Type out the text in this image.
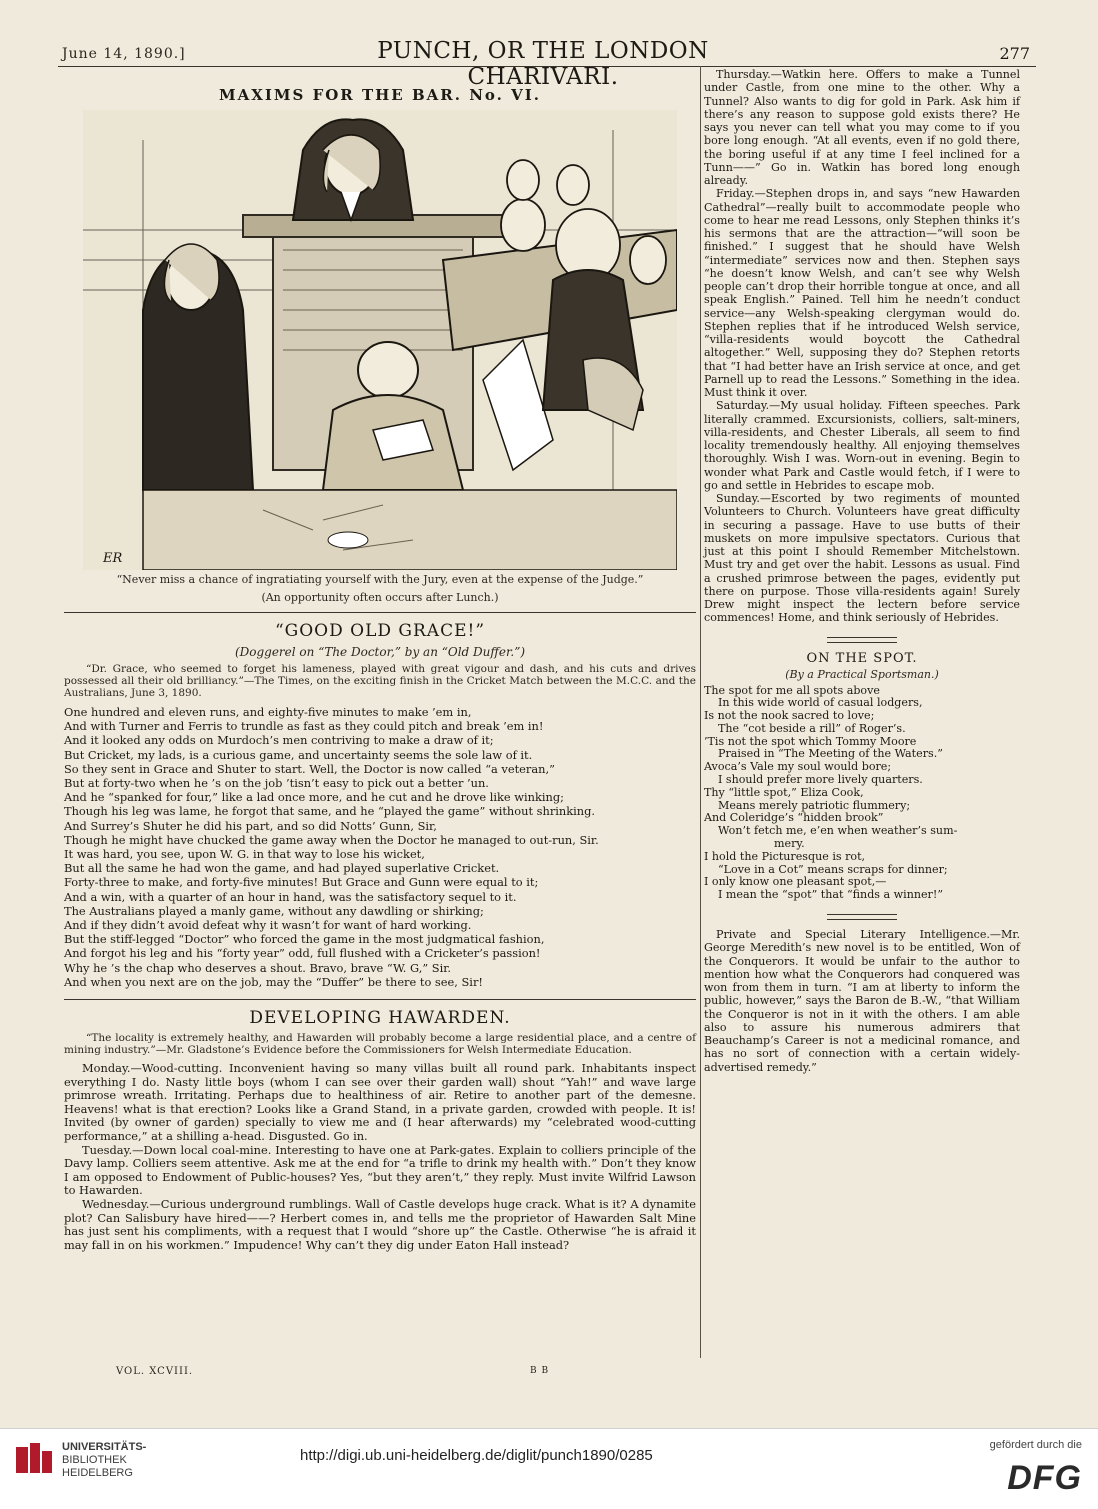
June 14, 1890.]	PUNCH, OR THE LONDON CHARIVARI.
277
MAXIMS FOR THE BAR. No. VI.
ER
“Never miss a chance of ingratiating yourself with the Jury, even at the expense of the Judge.”
(An opportunity often occurs after Lunch.)
“GOOD OLD GRACE!”
(Doggerel on “The Doctor,” by an “Old Duffer.”)

“Dr. Grace, who seemed to forget his lameness, played with great vigour and dash, and his cuts and drives possessed all their old brilliancy.”—The Times, on the exciting finish in the Cricket Match between the M.C.C. and the Australians, June 3, 1890.

One hundred and eleven runs, and eighty-five minutes to make ’em in,

And with Turner and Ferris to trundle as fast as they could pitch and break ’em in!

And it looked any odds on Murdoch’s men contriving to make a draw of it;

But Cricket, my lads, is a curious game, and uncertainty seems the sole law of it.

So they sent in Grace and Shuter to start. Well, the Doctor is now called “a veteran,”

But at forty-two when he ’s on the job ’tisn’t easy to pick out a better ’un.

And he “spanked for four,” like a lad once more, and he cut and he drove like winking;

Though his leg was lame, he forgot that same, and he “played the game” without shrinking.

And Surrey’s Shuter he did his part, and so did Notts’ Gunn, Sir,

Though he might have chucked the game away when the Doctor he managed to out-run, Sir.

It was hard, you see, upon W. G. in that way to lose his wicket,

But all the same he had won the game, and had played superlative Cricket.

Forty-three to make, and forty-five minutes! But Grace and Gunn were equal to it;

And a win, with a quarter of an hour in hand, was the satisfactory sequel to it.

The Australians played a manly game, without any dawdling or shirking;

And if they didn’t avoid defeat why it wasn’t for want of hard working.

But the stiff-legged “Doctor” who forced the game in the most judgmatical fashion,

And forgot his leg and his “forty year” odd, full flushed with a Cricketer’s passion!

Why he ’s the chap who deserves a shout. Bravo, brave “W. G,” Sir.

And when you next are on the job, may the “Duffer” be there to see, Sir!

DEVELOPING HAWARDEN.

“The locality is extremely healthy, and Hawarden will probably become a large residential place, and a centre of mining industry.”—Mr. Gladstone’s Evidence before the Commissioners for Welsh Intermediate Education.

Monday.—Wood-cutting. Inconvenient having so many villas built all round park. Inhabitants inspect everything I do. Nasty little boys (whom I can see over their garden wall) shout “Yah!” and wave large primrose wreath. Irritating. Perhaps due to healthiness of air. Retire to another part of the demesne. Heavens! what is that erection? Looks like a Grand Stand, in a private garden, crowded with people. It is! Invited (by owner of garden) specially to view me and (I hear afterwards) my “celebrated wood-cutting performance,” at a shilling a-head. Disgusted. Go in.

Tuesday.—Down local coal-mine. Interesting to have one at Park-gates. Explain to colliers principle of the Davy lamp. Colliers seem attentive. Ask me at the end for “a trifle to drink my health with.” Don’t they know I am opposed to Endowment of Public-houses? Yes, “but they aren’t,” they reply. Must invite Wilfrid Lawson to Hawarden.

Wednesday.—Curious underground rumblings. Wall of Castle develops huge crack. What is it? A dynamite plot? Can Salisbury have hired——? Herbert comes in, and tells me the proprietor of Hawarden Salt Mine has just sent his compliments, with a request that I would “shore up” the Castle. Otherwise “he is afraid it may fall in on his workmen.” Impudence! Why can’t they dig under Eaton Hall instead?

Thursday.—Watkin here. Offers to make a Tunnel under Castle, from one mine to the other. Why a Tunnel? Also wants to dig for gold in Park. Ask him if there’s any reason to suppose gold exists there? He says you never can tell what you may come to if you bore long enough. “At all events, even if no gold there, the boring useful if at any time I feel inclined for a Tunn——” Go in. Watkin has bored long enough already.

Friday.—Stephen drops in, and says “new Hawarden Cathedral”—really built to accommodate people who come to hear me read Lessons, only Stephen thinks it’s his sermons that are the attraction—“will soon be finished.” I suggest that he should have Welsh “intermediate” services now and then. Stephen says “he doesn’t know Welsh, and can’t see why Welsh people can’t drop their horrible tongue at once, and all speak English.” Pained. Tell him he needn’t conduct service—any Welsh-speaking clergyman would do. Stephen replies that if he introduced Welsh service, “villa-residents would boycott the Cathedral altogether.” Well, supposing they do? Stephen retorts that “I had better have an Irish service at once, and get Parnell up to read the Lessons.” Something in the idea. Must think it over.

Saturday.—My usual holiday. Fifteen speeches. Park literally crammed. Excursionists, colliers, salt-miners, villa-residents, and Chester Liberals, all seem to find locality tremendously healthy. All enjoying themselves thoroughly. Wish I was. Worn-out in evening. Begin to wonder what Park and Castle would fetch, if I were to go and settle in Hebrides to escape mob.

Sunday.—Escorted by two regiments of mounted Volunteers to Church. Volunteers have great difficulty in securing a passage. Have to use butts of their muskets on more impulsive spectators. Curious that just at this point I should Remember Mitchelstown. Must try and get over the habit. Lessons as usual. Find a crushed primrose between the pages, evidently put there on purpose. Those villa-residents again! Surely Drew might inspect the lectern before service commences! Home, and think seriously of Hebrides.

ON THE SPOT.
(By a Practical Sportsman.)

The spot for me all spots above

In this wide world of casual lodgers,

Is not the nook sacred to love;

The “cot beside a rill” of Roger’s.

’Tis not the spot which Tommy Moore

Praised in “The Meeting of the Waters.”

Avoca’s Vale my soul would bore;

I should prefer more lively quarters.

Thy “little spot,” Eliza Cook,

Means merely patriotic flummery;

And Coleridge’s “hidden brook”

Won’t fetch me, e’en when weather’s sum-

mery.

I hold the Picturesque is rot,

“Love in a Cot” means scraps for dinner;

I only know one pleasant spot,—

I mean the “spot” that “finds a winner!”

Private and Special Literary Intelligence.—Mr. George Meredith’s new novel is to be entitled, Won of the Conquerors. It would be unfair to the author to mention how what the Conquerors had conquered was won from them in turn. “I am at liberty to inform the public, however,” says the Baron de B.-W., “that William the Conqueror is not in it with the others. I am able also to assure his numerous admirers that Beauchamp’s Career is not a medicinal romance, and has no sort of connection with a certain widely-advertised remedy.”

VOL. XCVIII.	B B
UNIVERSITÄTS-
BIBLIOTHEK
HEIDELBERG
http://digi.ub.uni-heidelberg.de/diglit/punch1890/0285
gefördert durch die
DFG
